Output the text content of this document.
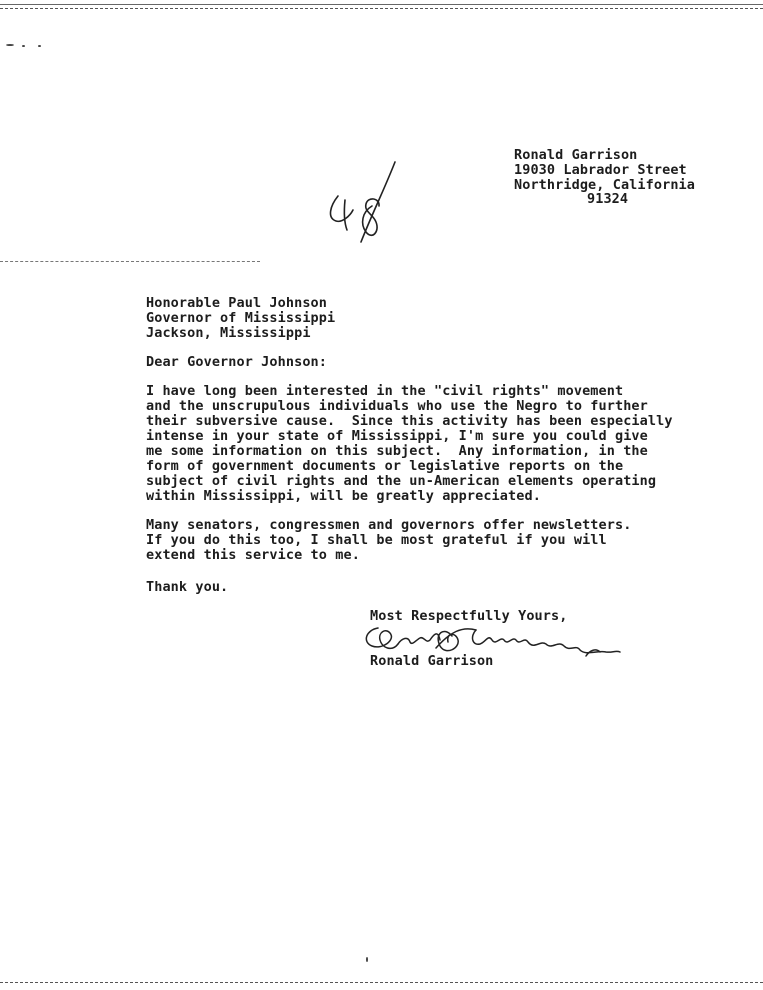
Ronald Garrison
19030 Labrador Street
Northridge, California
91324
Honorable Paul Johnson
Governor of Mississippi
Jackson, Mississippi
Dear Governor Johnson:
I have long been interested in the "civil rights" movement
and the unscrupulous individuals who use the Negro to further
their subversive cause.  Since this activity has been especially
intense in your state of Mississippi, I'm sure you could give
me some information on this subject.  Any information, in the
form of government documents or legislative reports on the
subject of civil rights and the un-American elements operating
within Mississippi, will be greatly appreciated.
Many senators, congressmen and governors offer newsletters.
If you do this too, I shall be most grateful if you will
extend this service to me.
Thank you.
Most Respectfully Yours,
Ronald Garrison
